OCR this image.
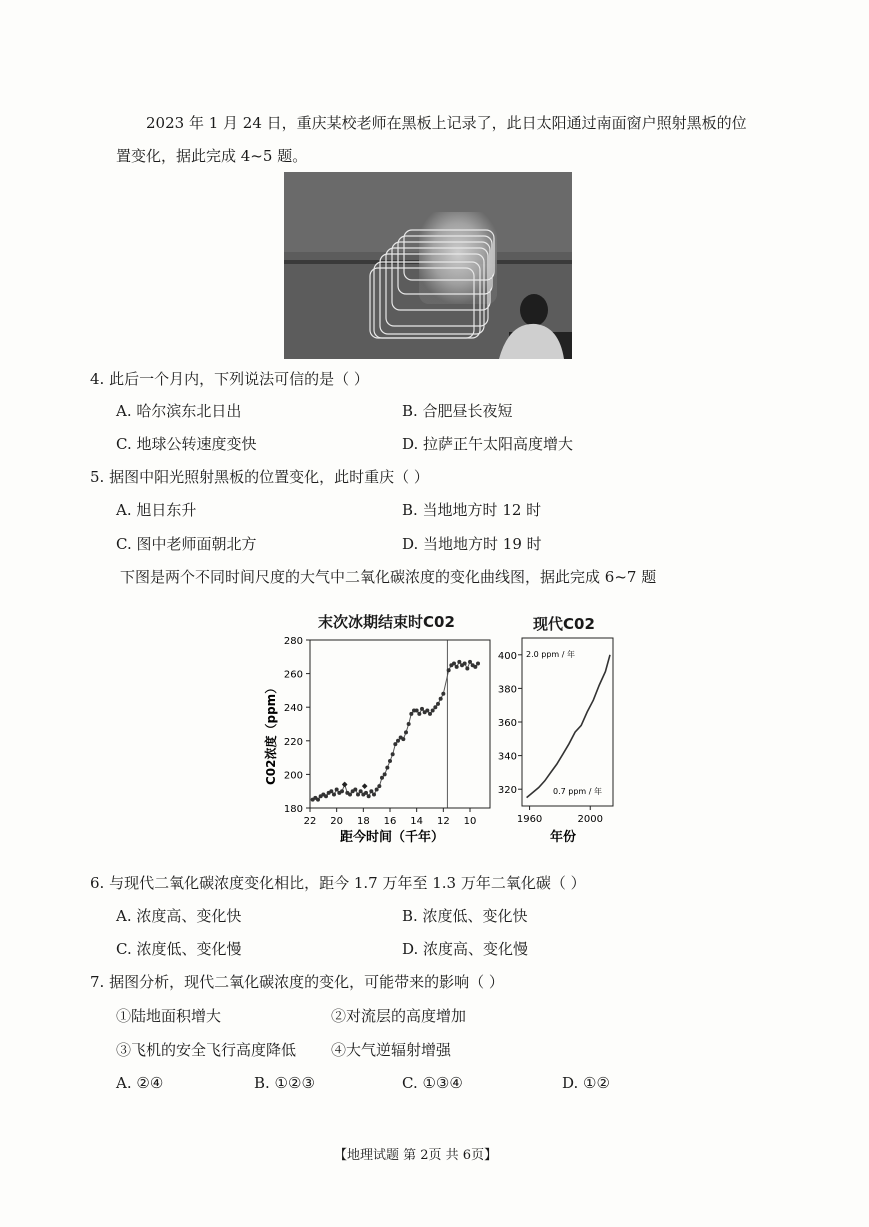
2023 年 1 月 24 日，重庆某校老师在黑板上记录了，此日太阳通过南面窗户照射黑板的位
置变化，据此完成 4~5 题。
4. 此后一个月内，下列说法可信的是（ ）
A. 哈尔滨东北日出	B. 合肥昼长夜短
C. 地球公转速度变快	D. 拉萨正午太阳高度增大
5. 据图中阳光照射黑板的位置变化，此时重庆（ ）
A. 旭日东升	B. 当地地方时 12 时
C. 图中老师面朝北方	D. 当地地方时 19 时
下图是两个不同时间尺度的大气中二氧化碳浓度的变化曲线图，据此完成 6~7 题
末次冰期结束时C02
C02浓度（ppm）
距今时间（千年）
180
200
220
240
260
280
22 20 18 16 14 12 10
现代C02
年份
320
340
360
380
400
1960	2000
2.0 ppm / 年
0.7 ppm / 年
6. 与现代二氧化碳浓度变化相比，距今 1.7 万年至 1.3 万年二氧化碳（ ）
A. 浓度高、变化快	B. 浓度低、变化快
C. 浓度低、变化慢	D. 浓度高、变化慢
7. 据图分析，现代二氧化碳浓度的变化，可能带来的影响（ ）
①陆地面积增大	②对流层的高度增加
③飞机的安全飞行高度降低 ④大气逆辐射增强
A. ②④	B. ①②③	C. ①③④	D. ①②
【地理试题 第 2页 共 6页】
